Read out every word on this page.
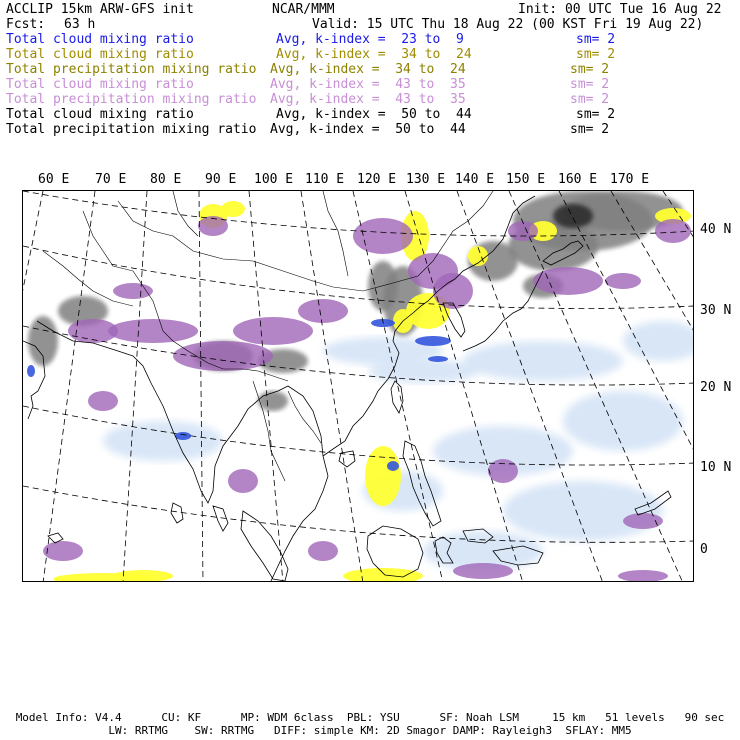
ACCLIP 15km ARW-GFS init	NCAR/MMM	Init: 00 UTC Tue 16 Aug 22
Fcst: 63 h	Valid: 15 UTC Thu 18 Aug 22 (00 KST Fri 19 Aug 22)
Total cloud mixing ratio	Avg, k-index =  23 to  9	sm= 2
Total cloud mixing ratio	Avg, k-index =  34 to  24	sm= 2
Total precipitation mixing ratio Avg, k-index =  34 to  24	sm= 2
Total cloud mixing ratio	Avg, k-index =  43 to  35	sm= 2
Total precipitation mixing ratio Avg, k-index =  43 to  35	sm= 2
Total cloud mixing ratio	Avg, k-index =  50 to  44	sm= 2
Total precipitation mixing ratio Avg, k-index =  50 to  44	sm= 2
60 E 70 E 80 E 90 E 100 E 110 E 120 E 130 E 140 E 150 E 160 E 170 E
40 N
30 N
20 N
10 N
0
Model Info: V4.4      CU: KF      MP: WDM 6class  PBL: YSU      SF: Noah LSM     15 km   51 levels   90 sec
LW: RRTMG    SW: RRTMG   DIFF: simple KM: 2D Smagor DAMP: Rayleigh3  SFLAY: MM5
